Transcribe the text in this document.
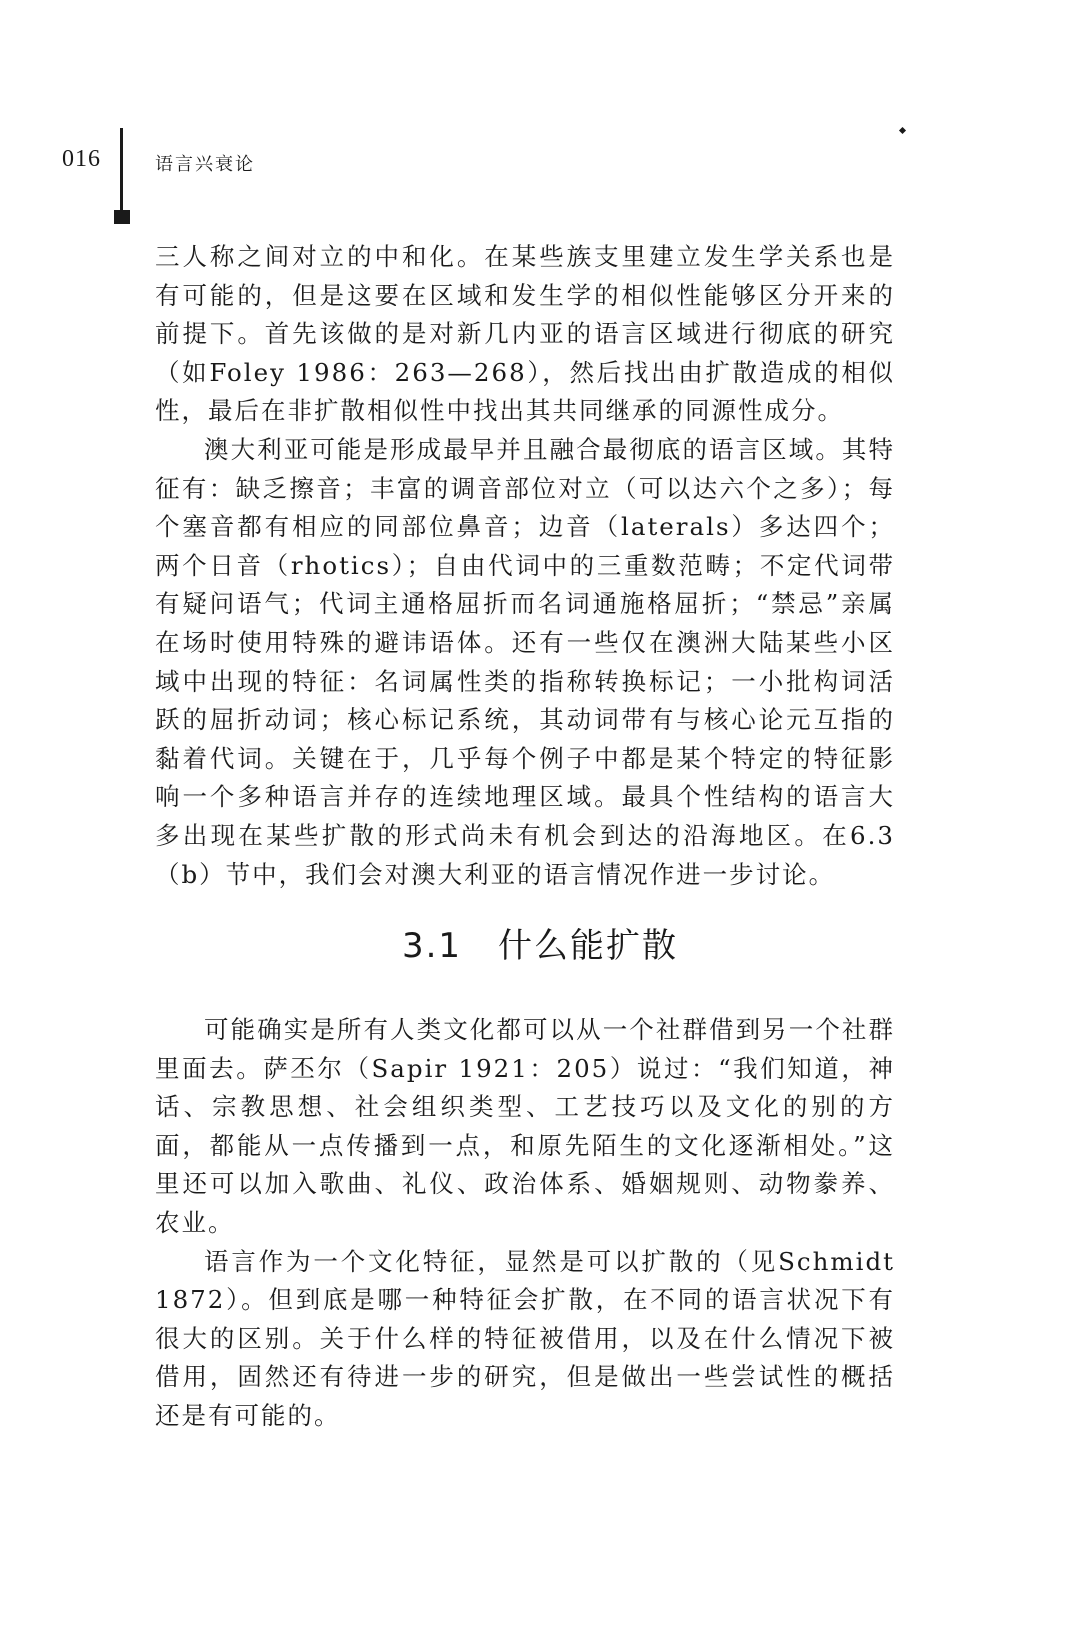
016	语言兴衰论

三人称之间对立的中和化。在某些族支里建立发生学关系也是有可能的，但是这要在区域和发生学的相似性能够区分开来的前提下。首先该做的是对新几内亚的语言区域进行彻底的研究（如Foley 1986：263—268），然后找出由扩散造成的相似性，最后在非扩散相似性中找出其共同继承的同源性成分。

澳大利亚可能是形成最早并且融合最彻底的语言区域。其特征有：缺乏擦音；丰富的调音部位对立（可以达六个之多）；每个塞音都有相应的同部位鼻音；边音（laterals）多达四个；两个日音（rhotics）；自由代词中的三重数范畴；不定代词带有疑问语气；代词主通格屈折而名词通施格屈折；“禁忌”亲属在场时使用特殊的避讳语体。还有一些仅在澳洲大陆某些小区域中出现的特征：名词属性类的指称转换标记；一小批构词活跃的屈折动词；核心标记系统，其动词带有与核心论元互指的黏着代词。关键在于，几乎每个例子中都是某个特定的特征影响一个多种语言并存的连续地理区域。最具个性结构的语言大多出现在某些扩散的形式尚未有机会到达的沿海地区。在6.3（b）节中，我们会对澳大利亚的语言情况作进一步讨论。

3.1 什么能扩散

可能确实是所有人类文化都可以从一个社群借到另一个社群里面去。萨丕尔（Sapir 1921：205）说过：“我们知道，神话、宗教思想、社会组织类型、工艺技巧以及文化的别的方面，都能从一点传播到一点，和原先陌生的文化逐渐相处。”这里还可以加入歌曲、礼仪、政治体系、婚姻规则、动物豢养、农业。

语言作为一个文化特征，显然是可以扩散的（见Schmidt 1872）。但到底是哪一种特征会扩散，在不同的语言状况下有很大的区别。关于什么样的特征被借用，以及在什么情况下被借用，固然还有待进一步的研究，但是做出一些尝试性的概括还是有可能的。
